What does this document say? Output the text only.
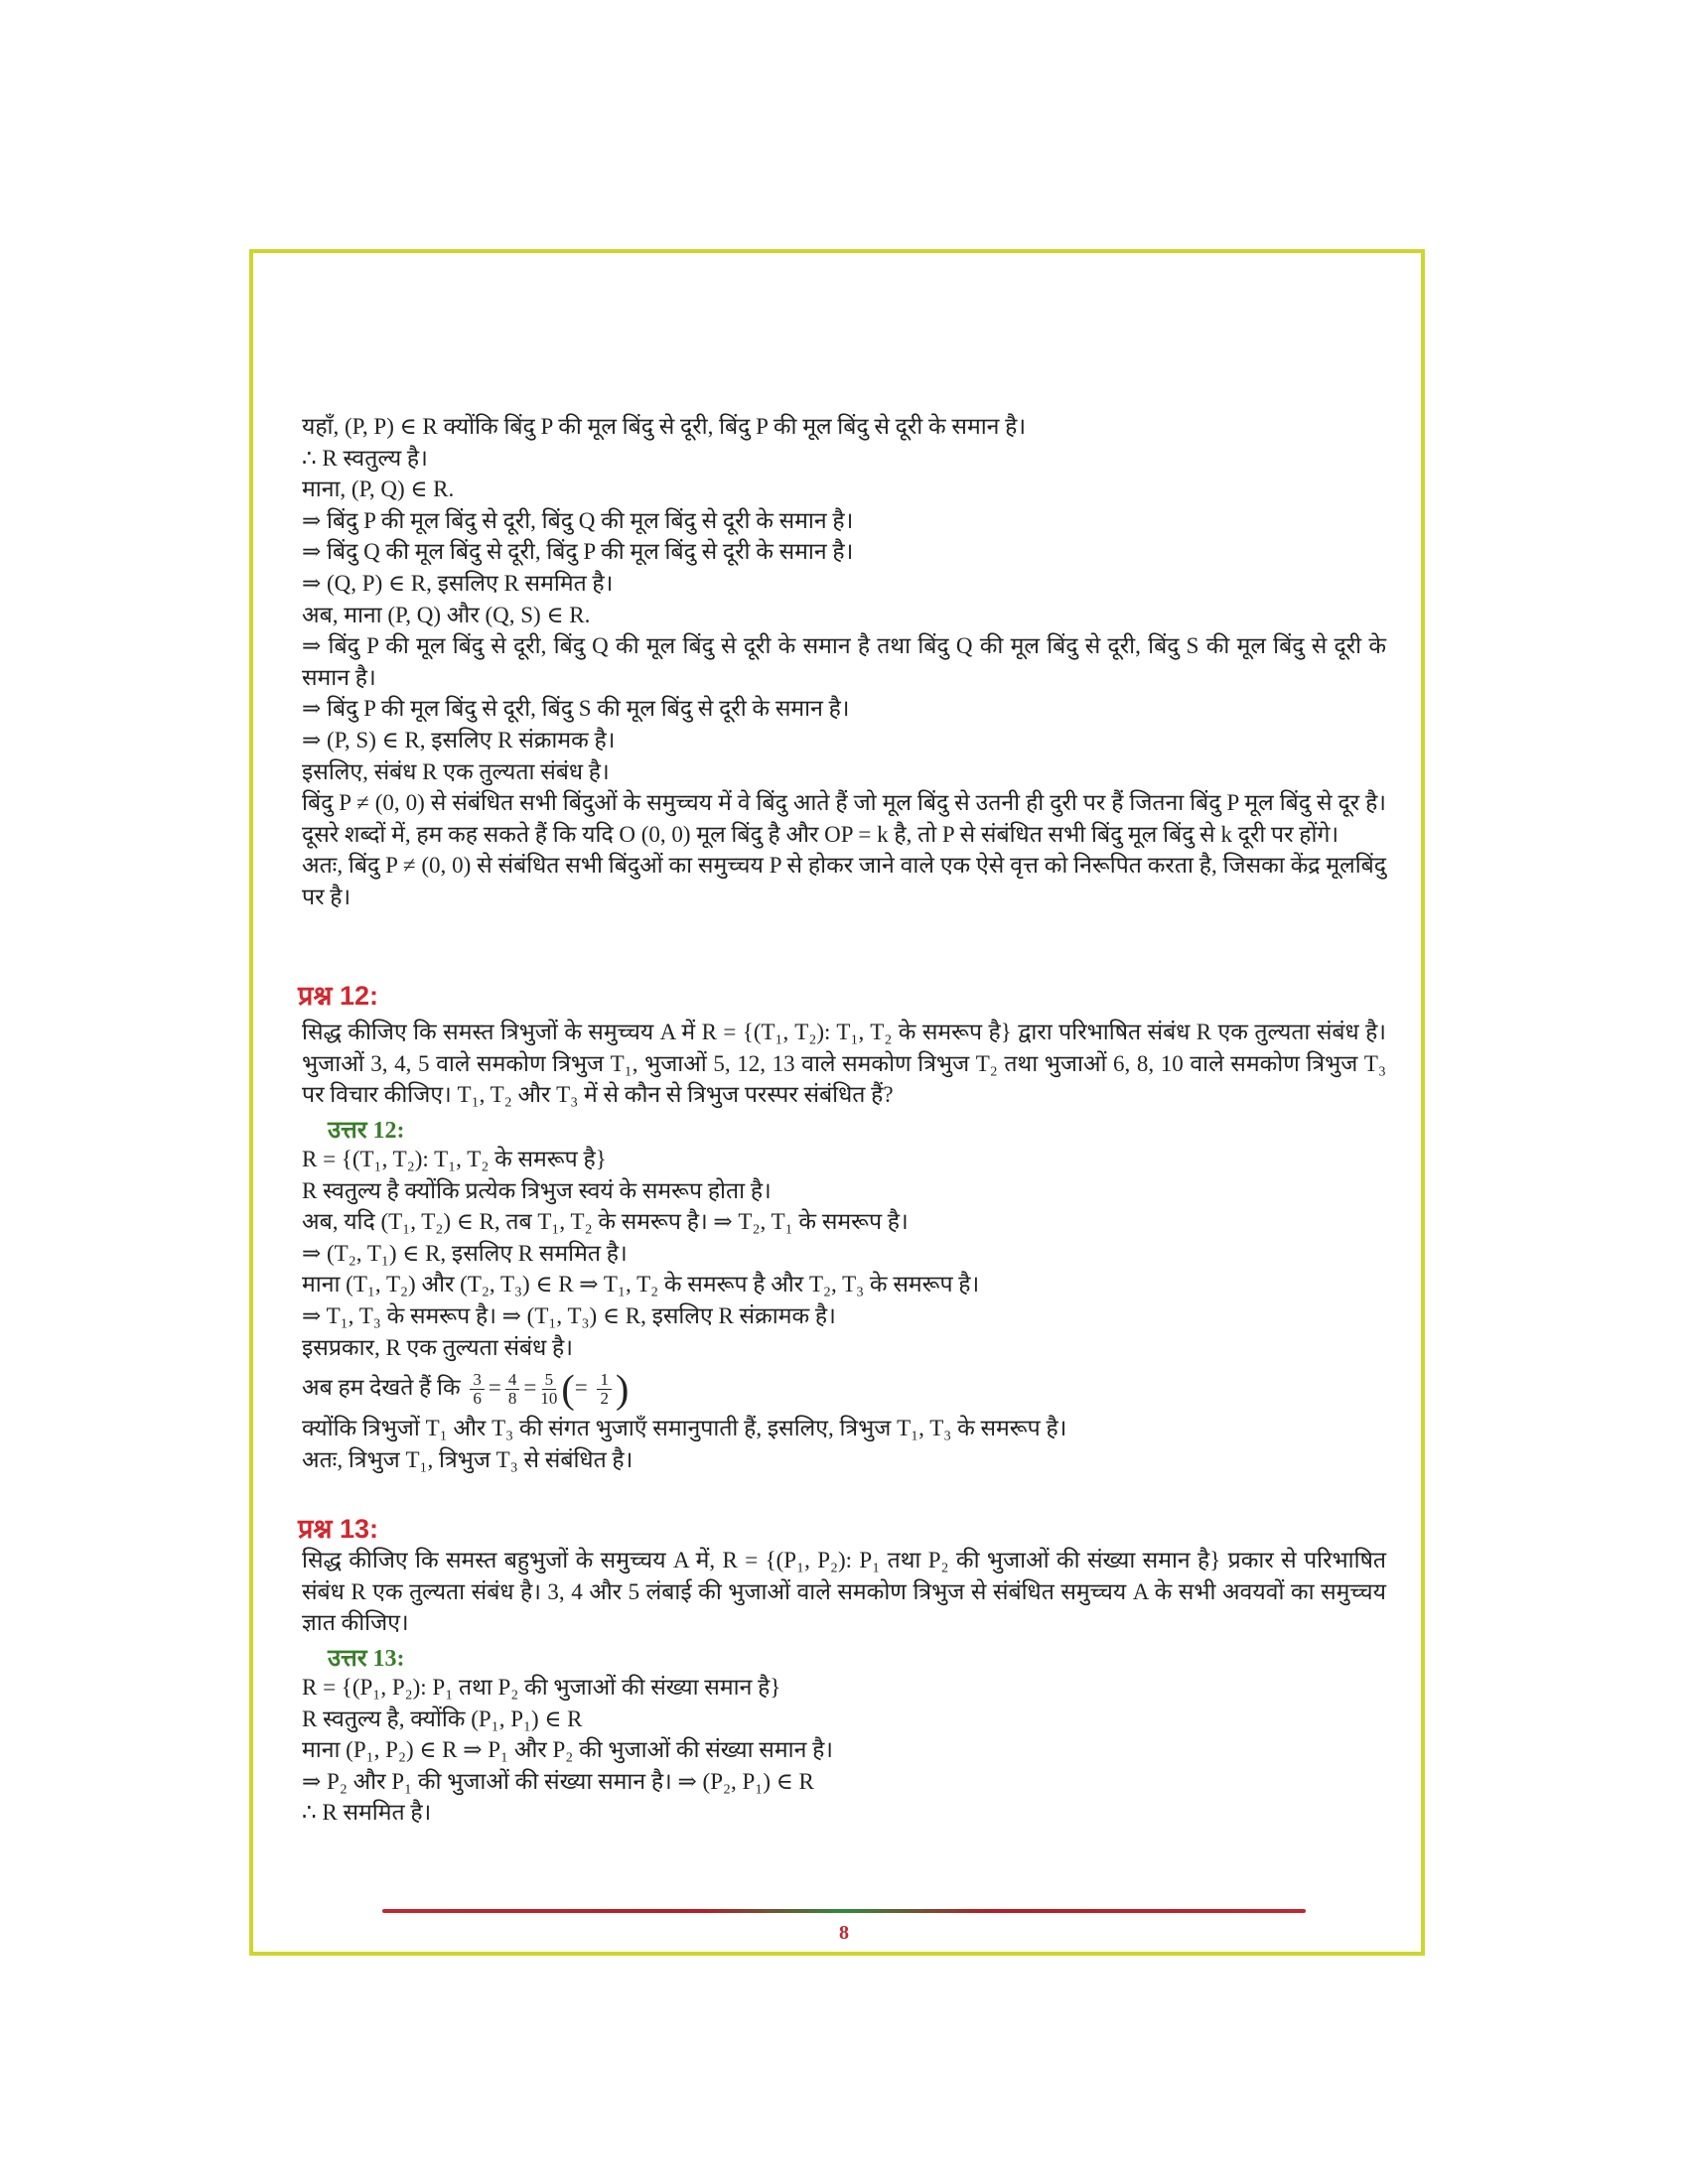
यहाँ, (P, P) ∈ R क्योंकि बिंदु P की मूल बिंदु से दूरी, बिंदु P की मूल बिंदु से दूरी के समान है।
∴ R स्वतुल्य है।
माना, (P, Q) ∈ R.
⇒ बिंदु P की मूल बिंदु से दूरी, बिंदु Q की मूल बिंदु से दूरी के समान है।
⇒ बिंदु Q की मूल बिंदु से दूरी, बिंदु P की मूल बिंदु से दूरी के समान है।
⇒ (Q, P) ∈ R, इसलिए R सममित है।
अब, माना (P, Q) और (Q, S) ∈ R.
⇒ बिंदु P की मूल बिंदु से दूरी, बिंदु Q की मूल बिंदु से दूरी के समान है तथा बिंदु Q की मूल बिंदु से दूरी, बिंदु S की मूल बिंदु से दूरी के समान है।
⇒ बिंदु P की मूल बिंदु से दूरी, बिंदु S की मूल बिंदु से दूरी के समान है।
⇒ (P, S) ∈ R, इसलिए R संक्रामक है।
इसलिए, संबंध R एक तुल्यता संबंध है।
बिंदु P ≠ (0, 0) से संबंधित सभी बिंदुओं के समुच्चय में वे बिंदु आते हैं जो मूल बिंदु से उतनी ही दुरी पर हैं जितना बिंदु P मूल बिंदु से दूर है। दूसरे शब्दों में, हम कह सकते हैं कि यदि O (0, 0) मूल बिंदु है और OP = k है, तो P से संबंधित सभी बिंदु मूल बिंदु से k दूरी पर होंगे।
अतः, बिंदु P ≠ (0, 0) से संबंधित सभी बिंदुओं का समुच्चय P से होकर जाने वाले एक ऐसे वृत्त को निरूपित करता है, जिसका केंद्र मूलबिंदु पर है।
प्रश्न 12:
सिद्ध कीजिए कि समस्त त्रिभुजों के समुच्चय A में R = {(T₁, T₂): T₁, T₂ के समरूप है} द्वारा परिभाषित संबंध R एक तुल्यता संबंध है। भुजाओं 3, 4, 5 वाले समकोण त्रिभुज T₁, भुजाओं 5, 12, 13 वाले समकोण त्रिभुज T₂ तथा भुजाओं 6, 8, 10 वाले समकोण त्रिभुज T₃ पर विचार कीजिए। T₁, T₂ और T₃ में से कौन से त्रिभुज परस्पर संबंधित हैं?
उत्तर 12:
R = {(T₁, T₂): T₁, T₂ के समरूप है}
R स्वतुल्य है क्योंकि प्रत्येक त्रिभुज स्वयं के समरूप होता है।
अब, यदि (T₁, T₂) ∈ R, तब T₁, T₂ के समरूप है। ⇒ T₂, T₁ के समरूप है।
⇒ (T₂, T₁) ∈ R, इसलिए R सममित है।
माना (T₁, T₂) और (T₂, T₃) ∈ R ⇒ T₁, T₂ के समरूप है और T₂, T₃ के समरूप है।
⇒ T₁, T₃ के समरूप है। ⇒ (T₁, T₃) ∈ R, इसलिए R संक्रामक है।
इसप्रकार, R एक तुल्यता संबंध है।
अब हम देखते हैं कि $\frac{3}{6} = \frac{4}{8} = \frac{5}{10}$ (= $\frac{1}{2}$ )
क्योंकि त्रिभुजों T₁ और T₃ की संगत भुजाएँ समानुपाती हैं, इसलिए, त्रिभुज T₁, T₃ के समरूप है।
अतः, त्रिभुज T₁, त्रिभुज T₃ से संबंधित है।
प्रश्न 13:
सिद्ध कीजिए कि समस्त बहुभुजों के समुच्चय A में, R = {(P₁, P₂): P₁ तथा P₂ की भुजाओं की संख्या समान है} प्रकार से परिभाषित संबंध R एक तुल्यता संबंध है। 3, 4 और 5 लंबाई की भुजाओं वाले समकोण त्रिभुज से संबंधित समुच्चय A के सभी अवयवों का समुच्चय ज्ञात कीजिए।
उत्तर 13:
R = {(P₁, P₂): P₁ तथा P₂ की भुजाओं की संख्या समान है}
R स्वतुल्य है, क्योंकि (P₁, P₁) ∈ R
माना (P₁, P₂) ∈ R ⇒ P₁ और P₂ की भुजाओं की संख्या समान है।
⇒ P₂ और P₁ की भुजाओं की संख्या समान है। ⇒ (P₂, P₁) ∈ R
∴ R सममित है।
8
